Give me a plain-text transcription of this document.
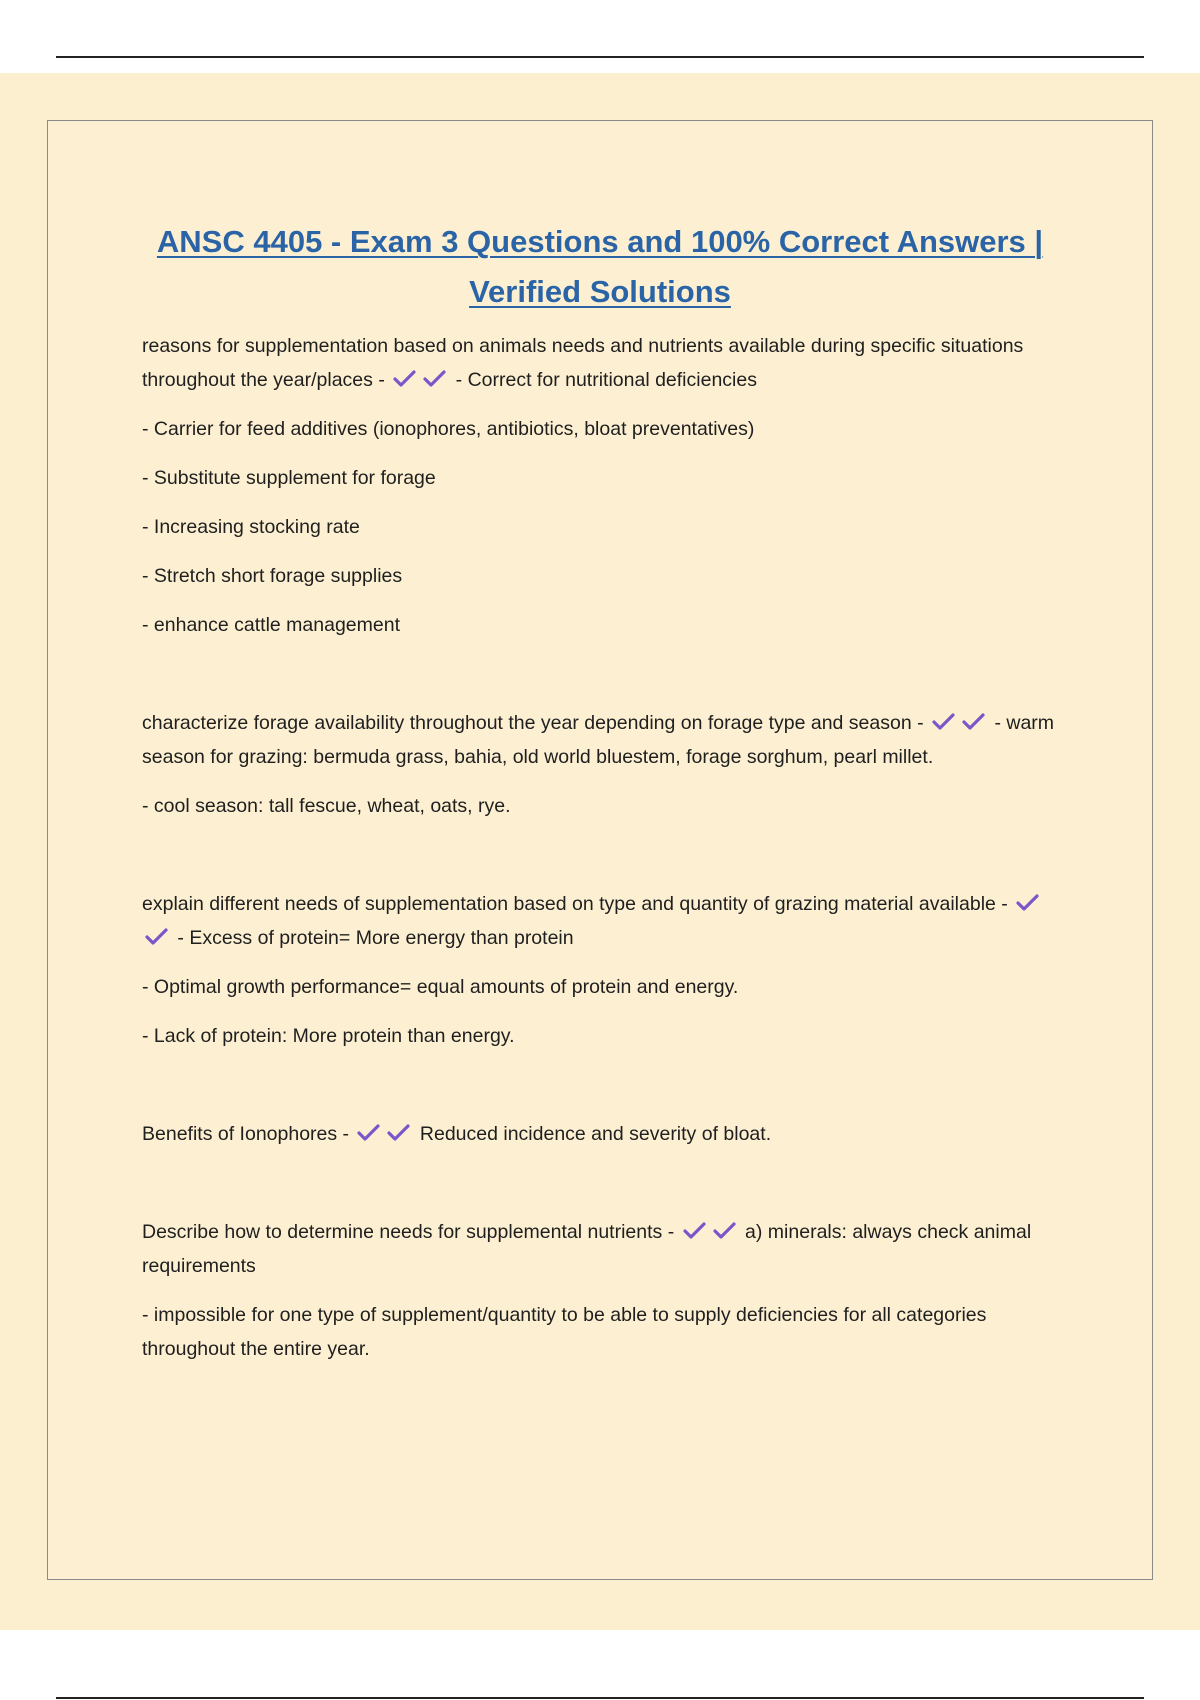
ANSC 4405 - Exam 3 Questions and 100% Correct Answers |
Verified Solutions

reasons for supplementation based on animals needs and nutrients available during specific situations throughout the year/places -	- Correct for nutritional deficiencies

- Carrier for feed additives (ionophores, antibiotics, bloat preventatives)

- Substitute supplement for forage

- Increasing stocking rate

- Stretch short forage supplies

- enhance cattle management

characterize forage availability throughout the year depending on forage type and season -	- warm season for grazing: bermuda grass, bahia, old world bluestem, forage sorghum, pearl millet.

- cool season: tall fescue, wheat, oats, rye.

explain different needs of supplementation based on type and quantity of grazing material available -
- Excess of protein= More energy than protein

- Optimal growth performance= equal amounts of protein and energy.

- Lack of protein: More protein than energy.

Benefits of Ionophores -	Reduced incidence and severity of bloat.

Describe how to determine needs for supplemental nutrients -	a) minerals: always check animal requirements

- impossible for one type of supplement/quantity to be able to supply deficiencies for all categories throughout the entire year.
